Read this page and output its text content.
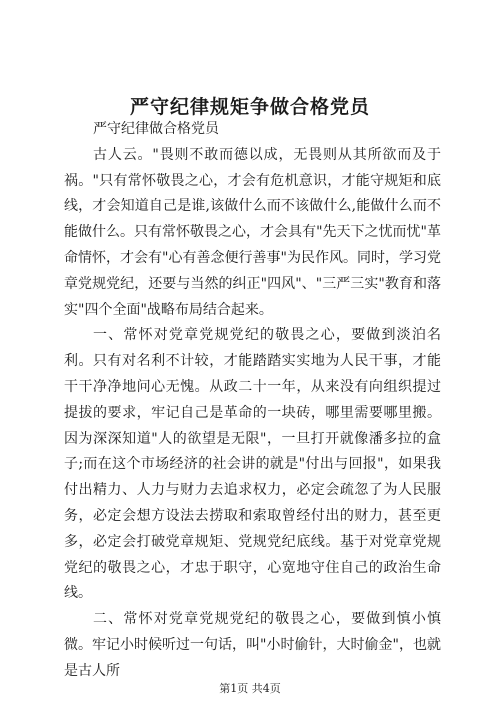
严守纪律规矩争做合格党员

严守纪律做合格党员

古人云。"畏则不敢而德以成，无畏则从其所欲而及于祸。"只有常怀敬畏之心，才会有危机意识，才能守规矩和底线，才会知道自己是谁,该做什么而不该做什么,能做什么而不能做什么。只有常怀敬畏之心，才会具有"先天下之忧而忧"革命情怀，才会有"心有善念便行善事"为民作风。同时，学习党章党规党纪，还要与当然的纠正"四风"、"三严三实"教育和落实"四个全面"战略布局结合起来。

一、常怀对党章党规党纪的敬畏之心，要做到淡泊名利。只有对名利不计较，才能踏踏实实地为人民干事，才能干干净净地问心无愧。从政二十一年，从来没有向组织提过提拔的要求，牢记自己是革命的一块砖，哪里需要哪里搬。因为深深知道"人的欲望是无限"，一旦打开就像潘多拉的盒子;而在这个市场经济的社会讲的就是"付出与回报"，如果我付出精力、人力与财力去追求权力，必定会疏忽了为人民服务，必定会想方设法去捞取和索取曾经付出的财力，甚至更多，必定会打破党章规矩、党规党纪底线。基于对党章党规党纪的敬畏之心，才忠于职守，心宽地守住自己的政治生命线。

二、常怀对党章党规党纪的敬畏之心，要做到慎小慎微。牢记小时候听过一句话，叫"小时偷针，大时偷金"，也就是古人所

第1页 共4页
